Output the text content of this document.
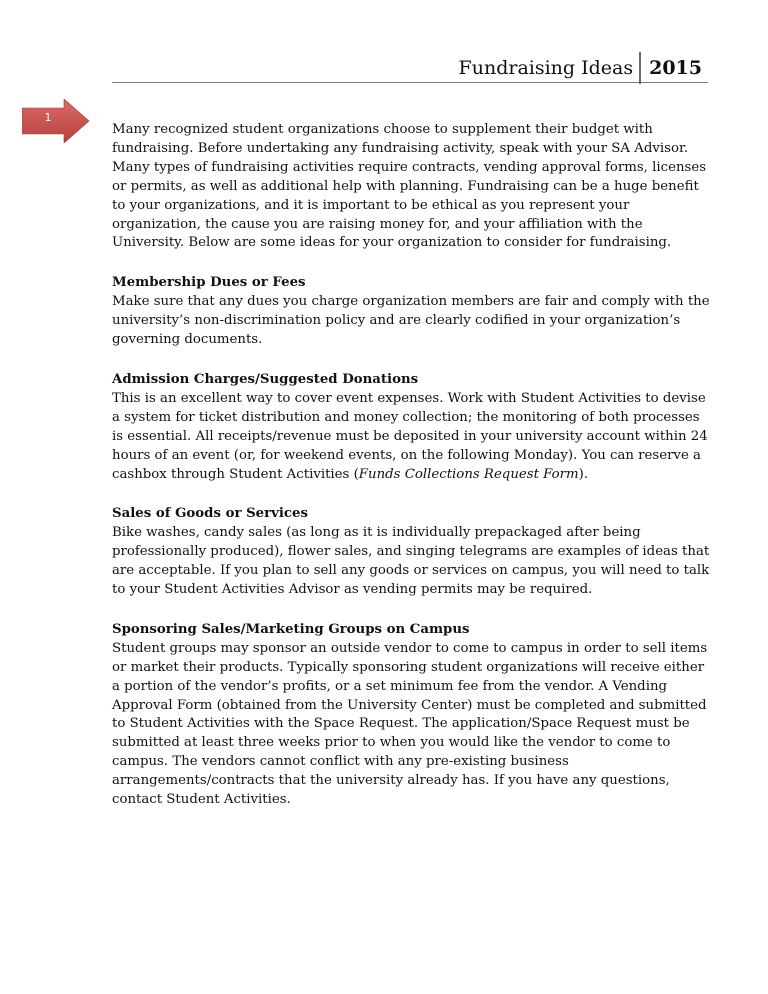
Fundraising Ideas 2015
1

Many recognized student organizations choose to supplement their budget with fundraising. Before undertaking any fundraising activity, speak with your SA Advisor. Many types of fundraising activities require contracts, vending approval forms, licenses or permits, as well as additional help with planning. Fundraising can be a huge benefit to your organizations, and it is important to be ethical as you represent your organization, the cause you are raising money for, and your affiliation with the University. Below are some ideas for your organization to consider for fundraising.

Membership Dues or Fees

Make sure that any dues you charge organization members are fair and comply with the university’s non-discrimination policy and are clearly codified in your organization’s governing documents.

Admission Charges/Suggested Donations

This is an excellent way to cover event expenses. Work with Student Activities to devise a system for ticket distribution and money collection; the monitoring of both processes is essential. All receipts/revenue must be deposited in your university account within 24 hours of an event (or, for weekend events, on the following Monday). You can reserve a cashbox through Student Activities (Funds Collections Request Form).

Sales of Goods or Services

Bike washes, candy sales (as long as it is individually prepackaged after being professionally produced), flower sales, and singing telegrams are examples of ideas that are acceptable. If you plan to sell any goods or services on campus, you will need to talk to your Student Activities Advisor as vending permits may be required.

Sponsoring Sales/Marketing Groups on Campus

Student groups may sponsor an outside vendor to come to campus in order to sell items or market their products. Typically sponsoring student organizations will receive either a portion of the vendor’s profits, or a set minimum fee from the vendor. A Vending Approval Form (obtained from the University Center) must be completed and submitted to Student Activities with the Space Request. The application/Space Request must be submitted at least three weeks prior to when you would like the vendor to come to campus. The vendors cannot conflict with any pre-existing business arrangements/contracts that the university already has. If you have any questions, contact Student Activities.
